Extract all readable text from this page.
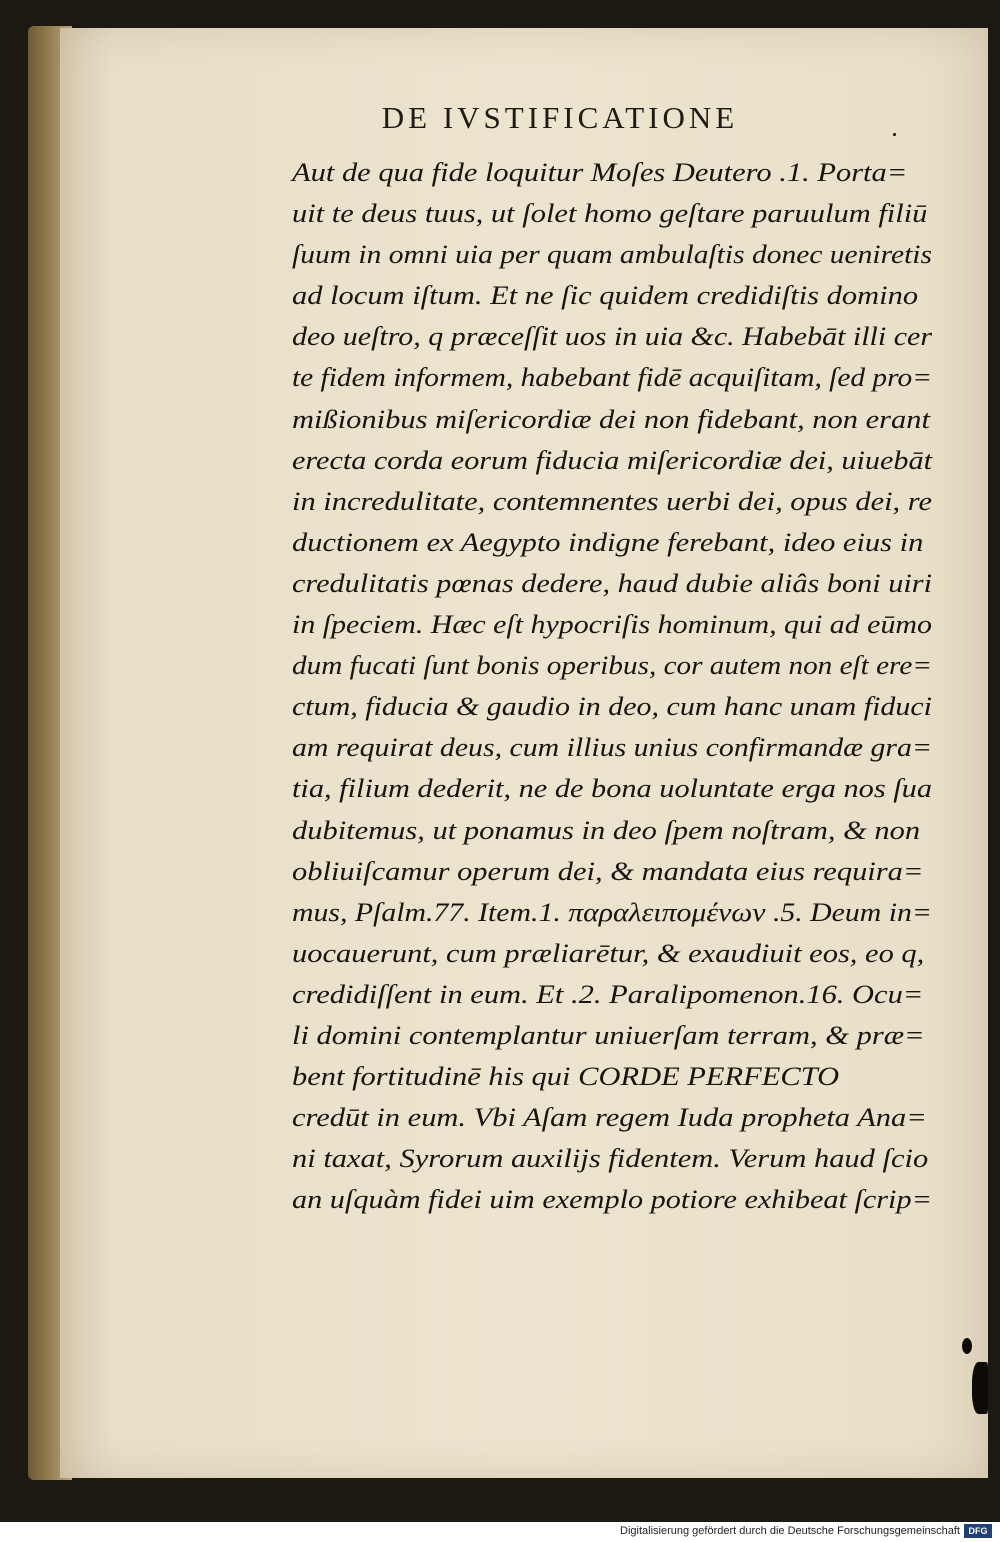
DE IVSTIFICATIONE
Aut de qua fide loquitur Moſes Deutero .1. Porta=
uit te deus tuus, ut ſolet homo geſtare paruulum filiū
ſuum in omni uia per quam ambulaſtis donec ueniretis
ad locum iſtum. Et ne ſic quidem credidiſtis domino
deo ueſtro, q præceſſit uos in uia &c. Habebāt illi cer
te fidem informem, habebant fidē acquiſitam, ſed pro=
mißionibus miſericordiæ dei non fidebant, non erant
erecta corda eorum fiducia miſericordiæ dei, uiuebāt
in incredulitate, contemnentes uerbi dei, opus dei, re
ductionem ex Aegypto indigne ferebant, ideo eius in
credulitatis pœnas dedere, haud dubie aliâs boni uiri
in ſpeciem. Hæc eſt hypocriſis hominum, qui ad eūmo
dum fucati ſunt bonis operibus, cor autem non eſt ere=
ctum, fiducia & gaudio in deo, cum hanc unam fiduci
am requirat deus, cum illius unius confirmandæ gra=
tia, filium dederit, ne de bona uoluntate erga nos ſua
dubitemus, ut ponamus in deo ſpem noſtram, & non
obliuiſcamur operum dei, & mandata eius requira=
mus, Pſalm.77. Item.1. παραλειπομένων .5. Deum in=
uocauerunt, cum præliarētur, & exaudiuit eos, eo q,
credidiſſent in eum. Et .2. Paralipomenon.16. Ocu=
li domini contemplantur uniuerſam terram, & præ=
bent fortitudinē his qui CORDE PERFECTO
credūt in eum. Vbi Aſam regem Iuda propheta Ana=
ni taxat, Syrorum auxilijs fidentem. Verum haud ſcio
an uſquàm fidei uim exemplo potiore exhibeat ſcrip=
Digitalisierung gefördert durch die Deutsche Forschungsgemeinschaft DFG
